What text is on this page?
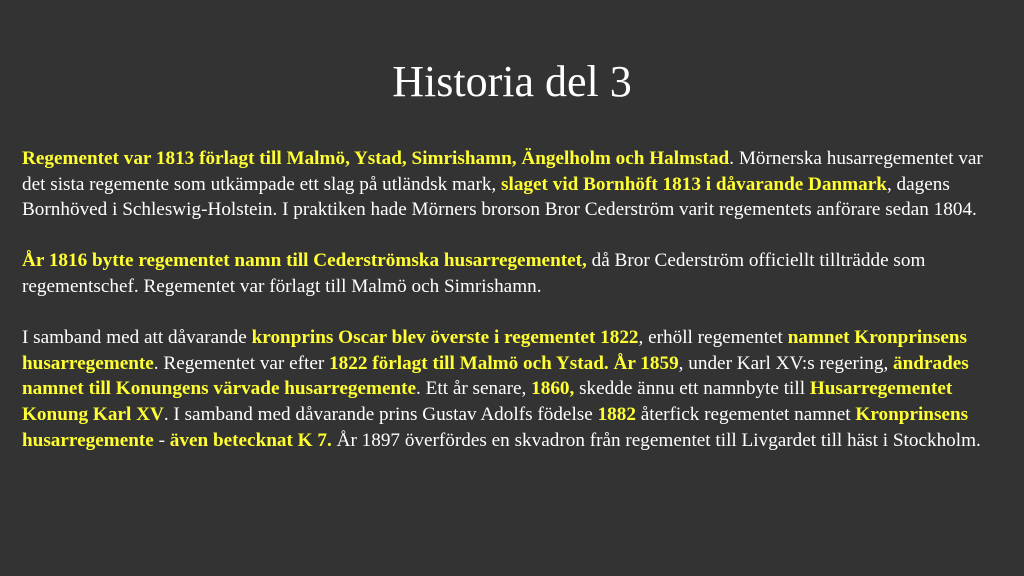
Historia del 3

Regementet var 1813 förlagt till Malmö, Ystad, Simrishamn, Ängelholm och Halmstad. Mörnerska husarregementet var det sista regemente som utkämpade ett slag på utländsk mark, slaget vid Bornhöft 1813 i dåvarande Danmark, dagens Bornhöved i Schleswig-Holstein. I praktiken hade Mörners brorson Bror Cederström varit regementets anförare sedan 1804.

År 1816 bytte regementet namn till Cederströmska husarregementet, då Bror Cederström officiellt tillträdde som regementschef. Regementet var förlagt till Malmö och Simrishamn.

I samband med att dåvarande kronprins Oscar blev överste i regementet 1822, erhöll regementet namnet Kronprinsens husarregemente. Regementet var efter 1822 förlagt till Malmö och Ystad. År 1859, under Karl XV:s regering, ändrades namnet till Konungens värvade husarregemente. Ett år senare, 1860, skedde ännu ett namnbyte till Husarregementet Konung Karl XV. I samband med dåvarande prins Gustav Adolfs födelse 1882 återfick regementet namnet Kronprinsens husarregemente - även betecknat K 7. År 1897 överfördes en skvadron från regementet till Livgardet till häst i Stockholm.
